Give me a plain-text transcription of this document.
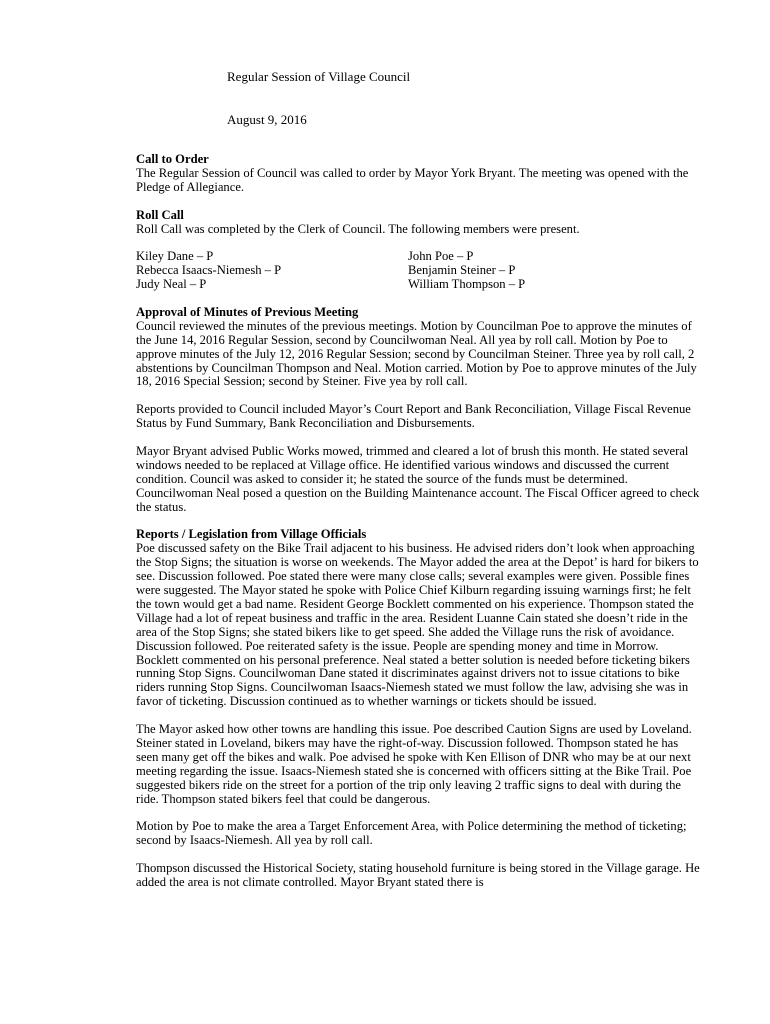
Regular Session of Village Council
August 9, 2016
Call to Order
The Regular Session of Council was called to order by Mayor York Bryant. The meeting was opened with the Pledge of Allegiance.
Roll Call
Roll Call was completed by the Clerk of Council. The following members were present.
Kiley Dane – P	John Poe – P
Rebecca Isaacs-Niemesh – P	Benjamin Steiner – P
Judy Neal – P	William Thompson – P
Approval of Minutes of Previous Meeting
Council reviewed the minutes of the previous meetings. Motion by Councilman Poe to approve the minutes of the June 14, 2016 Regular Session, second by Councilwoman Neal. All yea by roll call. Motion by Poe to approve minutes of the July 12, 2016 Regular Session; second by Councilman Steiner. Three yea by roll call, 2 abstentions by Councilman Thompson and Neal. Motion carried. Motion by Poe to approve minutes of the July 18, 2016 Special Session; second by Steiner. Five yea by roll call.
Reports provided to Council included Mayor’s Court Report and Bank Reconciliation, Village Fiscal Revenue Status by Fund Summary, Bank Reconciliation and Disbursements.
Mayor Bryant advised Public Works mowed, trimmed and cleared a lot of brush this month. He stated several windows needed to be replaced at Village office. He identified various windows and discussed the current condition. Council was asked to consider it; he stated the source of the funds must be determined. Councilwoman Neal posed a question on the Building Maintenance account. The Fiscal Officer agreed to check the status.
Reports / Legislation from Village Officials
Poe discussed safety on the Bike Trail adjacent to his business. He advised riders don’t look when approaching the Stop Signs; the situation is worse on weekends. The Mayor added the area at the Depot’ is hard for bikers to see. Discussion followed. Poe stated there were many close calls; several examples were given. Possible fines were suggested. The Mayor stated he spoke with Police Chief Kilburn regarding issuing warnings first; he felt the town would get a bad name. Resident George Bocklett commented on his experience. Thompson stated the Village had a lot of repeat business and traffic in the area. Resident Luanne Cain stated she doesn’t ride in the area of the Stop Signs; she stated bikers like to get speed. She added the Village runs the risk of avoidance. Discussion followed. Poe reiterated safety is the issue. People are spending money and time in Morrow. Bocklett commented on his personal preference. Neal stated a better solution is needed before ticketing bikers running Stop Signs. Councilwoman Dane stated it discriminates against drivers not to issue citations to bike riders running Stop Signs. Councilwoman Isaacs-Niemesh stated we must follow the law, advising she was in favor of ticketing. Discussion continued as to whether warnings or tickets should be issued.
The Mayor asked how other towns are handling this issue. Poe described Caution Signs are used by Loveland. Steiner stated in Loveland, bikers may have the right-of-way. Discussion followed. Thompson stated he has seen many get off the bikes and walk. Poe advised he spoke with Ken Ellison of DNR who may be at our next meeting regarding the issue. Isaacs-Niemesh stated she is concerned with officers sitting at the Bike Trail. Poe suggested bikers ride on the street for a portion of the trip only leaving 2 traffic signs to deal with during the ride. Thompson stated bikers feel that could be dangerous.
Motion by Poe to make the area a Target Enforcement Area, with Police determining the method of ticketing; second by Isaacs-Niemesh. All yea by roll call.
Thompson discussed the Historical Society, stating household furniture is being stored in the Village garage. He added the area is not climate controlled. Mayor Bryant stated there is
